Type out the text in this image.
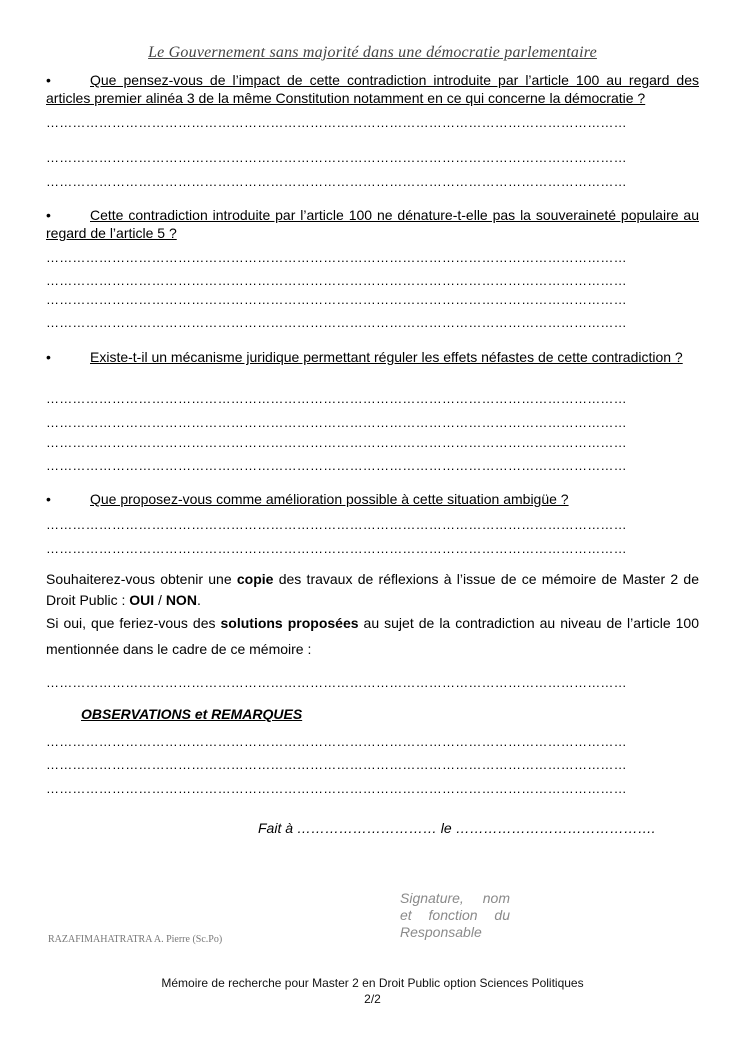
Le Gouvernement sans majorité dans une démocratie parlementaire
•	Que pensez-vous de l’impact de cette contradiction introduite par l’article 100 au regard des articles premier alinéa 3 de la même Constitution notamment en ce qui concerne la démocratie ?
……………………………………………………………………………………………………………………
……………………………………………………………………………………………………………………
……………………………………………………………………………………………………………………
•	Cette contradiction introduite par l’article 100 ne dénature-t-elle pas la souveraineté populaire au regard de l’article 5 ?
……………………………………………………………………………………………………………………
……………………………………………………………………………………………………………………
……………………………………………………………………………………………………………………
……………………………………………………………………………………………………………………
•	Existe-t-il un mécanisme juridique permettant réguler les effets néfastes de cette contradiction ?
……………………………………………………………………………………………………………………
……………………………………………………………………………………………………………………
……………………………………………………………………………………………………………………
……………………………………………………………………………………………………………………
•	Que proposez-vous comme amélioration possible à cette situation ambigüe ?
……………………………………………………………………………………………………………………
……………………………………………………………………………………………………………………
Souhaiterez-vous obtenir une copie des travaux de réflexions à l’issue de ce mémoire de Master 2 de Droit Public : OUI / NON.
Si oui, que feriez-vous des solutions proposées au sujet de la contradiction au niveau de l’article 100 mentionnée dans le cadre de ce mémoire :
……………………………………………………………………………………………………………………
OBSERVATIONS et REMARQUES
……………………………………………………………………………………………………………………
……………………………………………………………………………………………………………………
……………………………………………………………………………………………………………………
Fait à ………………………… le …………………………………….
Signature, nom et fonction du Responsable
RAZAFIMAHATRATRA A. Pierre (Sc.Po)
Mémoire de recherche pour Master 2 en Droit Public option Sciences Politiques
2/2
